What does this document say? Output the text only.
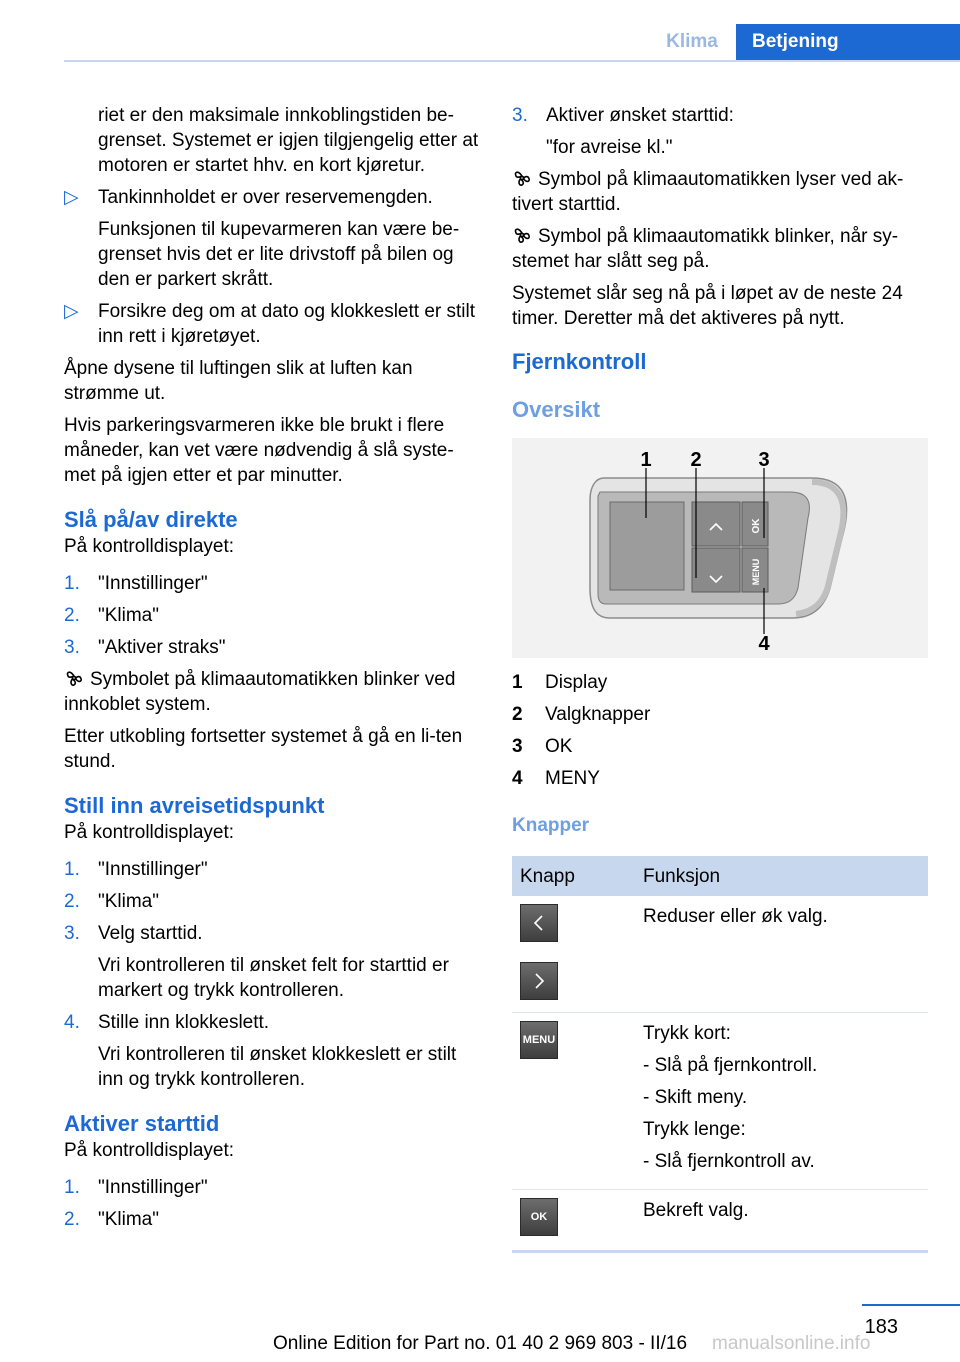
Klima	Betjening

riet er den maksimale innkoblingstiden be-grenset. Systemet er igjen tilgjengelig etter at motoren er startet hhv. en kort kjøretur.

▷ Tankinnholdet er over reservemengden.

Funksjonen til kupevarmeren kan være be-grenset hvis det er lite drivstoff på bilen og den er parkert skrått.

▷ Forsikre deg om at dato og klokkeslett er stilt inn rett i kjøretøyet.

Åpne dysene til luftingen slik at luften kan strømme ut.

Hvis parkeringsvarmeren ikke ble brukt i flere måneder, kan vet være nødvendig å slå syste-met på igjen etter et par minutter.

Slå på/av direkte

På kontrolldisplayet:

1. "Innstillinger"

2. "Klima"

3. "Aktiver straks"

Symbolet på klimaautomatikken blinker ved innkoblet system.

Etter utkobling fortsetter systemet å gå en li-ten stund.

Still inn avreisetidspunkt

På kontrolldisplayet:

1. "Innstillinger"

2. "Klima"

3. Velg starttid.

Vri kontrolleren til ønsket felt for starttid er markert og trykk kontrolleren.

4. Stille inn klokkeslett.

Vri kontrolleren til ønsket klokkeslett er stilt inn og trykk kontrolleren.

Aktiver starttid

På kontrolldisplayet:

1. "Innstillinger"

2. "Klima"

3. Aktiver ønsket starttid:

"for avreise kl."

Symbol på klimaautomatikken lyser ved ak-tivert starttid.

Symbol på klimaautomatikk blinker, når sy-stemet har slått seg på.

Systemet slår seg nå på i løpet av de neste 24 timer. Deretter må det aktiveres på nytt.

Fjernkontroll
Oversikt
OK
MENU
1 2	3
4
1	Display
2	Valgknapper
3	OK
4	MENY
Knapper
Knapp	Funksjon

Reduser eller øk valg.

MENU	Trykk kort:

- Slå på fjernkontroll.

- Skift meny.

Trykk lenge:

- Slå fjernkontroll av.

OK	Bekreft valg.

183
Online Edition for Part no. 01 40 2 969 803 - II/16	manualsonline.info
